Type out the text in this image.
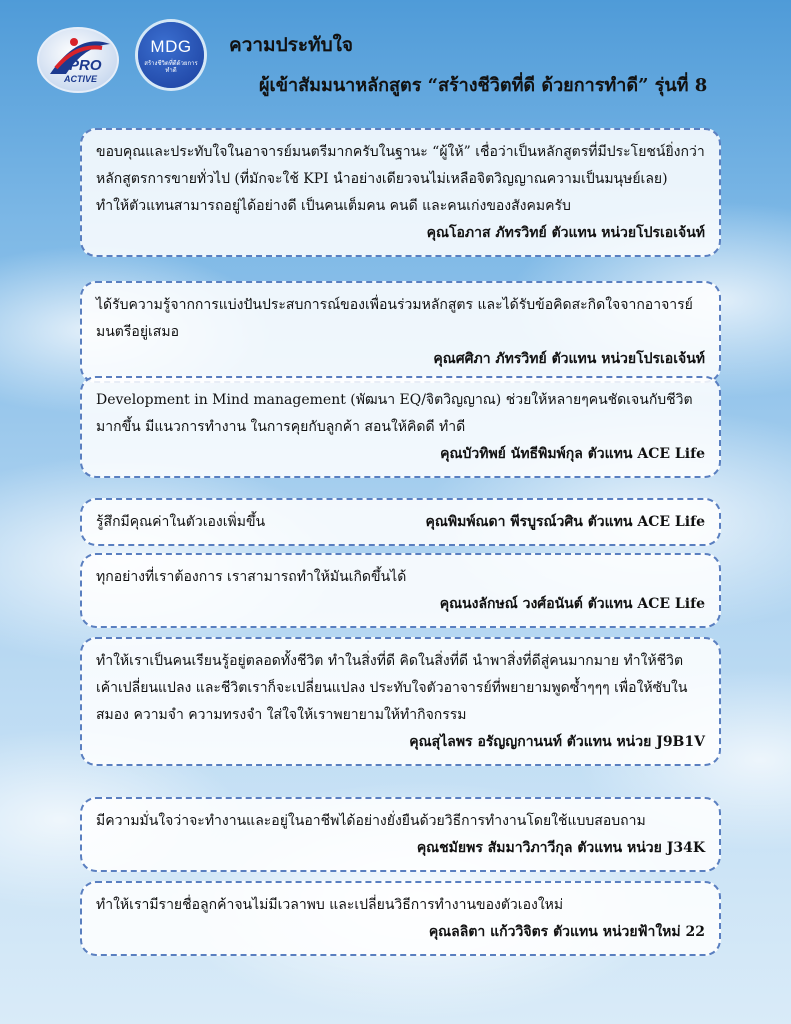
PRO
ACTIVE
MDG
สร้างชีวิตที่ดีด้วยการทำดี
ความประทับใจ
ผู้เข้าสัมมนาหลักสูตร “สร้างชีวิตที่ดี ด้วยการทำดี” รุ่นที่ 8

ขอบคุณและประทับใจในอาจารย์มนตรีมากครับในฐานะ “ผู้ให้” เชื่อว่าเป็นหลักสูตรที่มีประโยชน์ยิ่งกว่าหลักสูตรการขายทั่วไป (ที่มักจะใช้ KPI นำอย่างเดียวจนไม่เหลือจิตวิญญาณความเป็นมนุษย์เลย) ทำให้ตัวแทนสามารถอยู่ได้อย่างดี เป็นคนเต็มคน คนดี และคนเก่งของสังคมครับ

คุณโอภาส ภัทรวิทย์ ตัวแทน หน่วยโปรเอเจ้นท์

ได้รับความรู้จากการแบ่งปันประสบการณ์ของเพื่อนร่วมหลักสูตร และได้รับข้อคิดสะกิดใจจากอาจารย์มนตรีอยู่เสมอ

คุณศศิภา ภัทรวิทย์ ตัวแทน หน่วยโปรเอเจ้นท์

Development in Mind management (พัฒนา EQ/จิตวิญญาณ) ช่วยให้หลายๆคนชัดเจนกับชีวิตมากขึ้น มีแนวการทำงาน ในการคุยกับลูกค้า สอนให้คิดดี ทำดี

คุณบัวทิพย์ นัทธีพิมพ์กุล ตัวแทน ACE Life

รู้สึกมีคุณค่าในตัวเองเพิ่มขึ้น	คุณพิมพ์ณดา พีรบูรณ์วศิน ตัวแทน ACE Life

ทุกอย่างที่เราต้องการ เราสามารถทำให้มันเกิดขึ้นได้

คุณนงลักษณ์ วงศ์อนันต์ ตัวแทน ACE Life

ทำให้เราเป็นคนเรียนรู้อยู่ตลอดทั้งชีวิต ทำในสิ่งที่ดี คิดในสิ่งที่ดี นำพาสิ่งที่ดีสู่คนมากมาย ทำให้ชีวิตเค้าเปลี่ยนแปลง และชีวิตเราก็จะเปลี่ยนแปลง ประทับใจตัวอาจารย์ที่พยายามพูดซ้ำๆๆๆ เพื่อให้ซับในสมอง ความจำ ความทรงจำ ใส่ใจให้เราพยายามให้ทำกิจกรรม

คุณสุไลพร อรัญญกานนท์ ตัวแทน หน่วย J9B1V

มีความมั่นใจว่าจะทำงานและอยู่ในอาชีพได้อย่างยั่งยืนด้วยวิธีการทำงานโดยใช้แบบสอบถาม

คุณชมัยพร สัมมาวิภาวีกุล ตัวแทน หน่วย J34K

ทำให้เรามีรายชื่อลูกค้าจนไม่มีเวลาพบ และเปลี่ยนวิธีการทำงานของตัวเองใหม่

คุณลลิตา แก้ววิจิตร ตัวแทน หน่วยฟ้าใหม่ 22
